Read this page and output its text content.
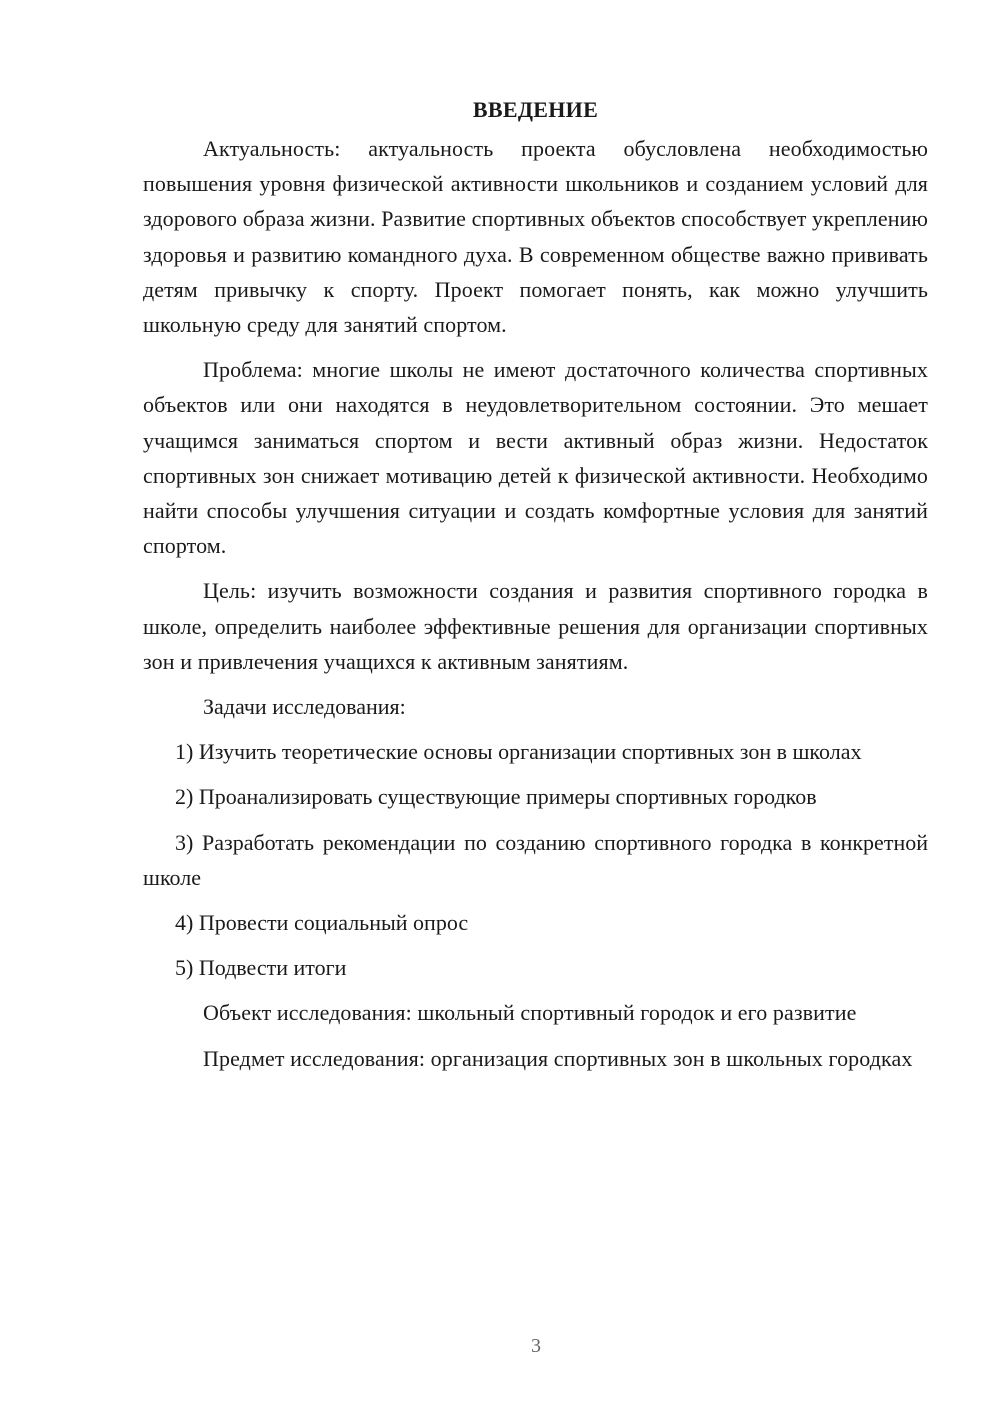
ВВЕДЕНИЕ

Актуальность: актуальность проекта обусловлена необходимостью повышения уровня физической активности школьников и созданием условий для здорового образа жизни. Развитие спортивных объектов способствует укреплению здоровья и развитию командного духа. В современном обществе важно прививать детям привычку к спорту. Проект помогает понять, как можно улучшить школьную среду для занятий спортом.

Проблема: многие школы не имеют достаточного количества спортивных объектов или они находятся в неудовлетворительном состоянии. Это мешает учащимся заниматься спортом и вести активный образ жизни. Недостаток спортивных зон снижает мотивацию детей к физической активности. Необходимо найти способы улучшения ситуации и создать комфортные условия для занятий спортом.

Цель: изучить возможности создания и развития спортивного городка в школе, определить наиболее эффективные решения для организации спортивных зон и привлечения учащихся к активным занятиям.

Задачи исследования:

1) Изучить теоретические основы организации спортивных зон в школах

2) Проанализировать существующие примеры спортивных городков

3) Разработать рекомендации по созданию спортивного городка в конкретной школе

4) Провести социальный опрос

5) Подвести итоги

Объект исследования: школьный спортивный городок и его развитие

Предмет исследования: организация спортивных зон в школьных городках

3
